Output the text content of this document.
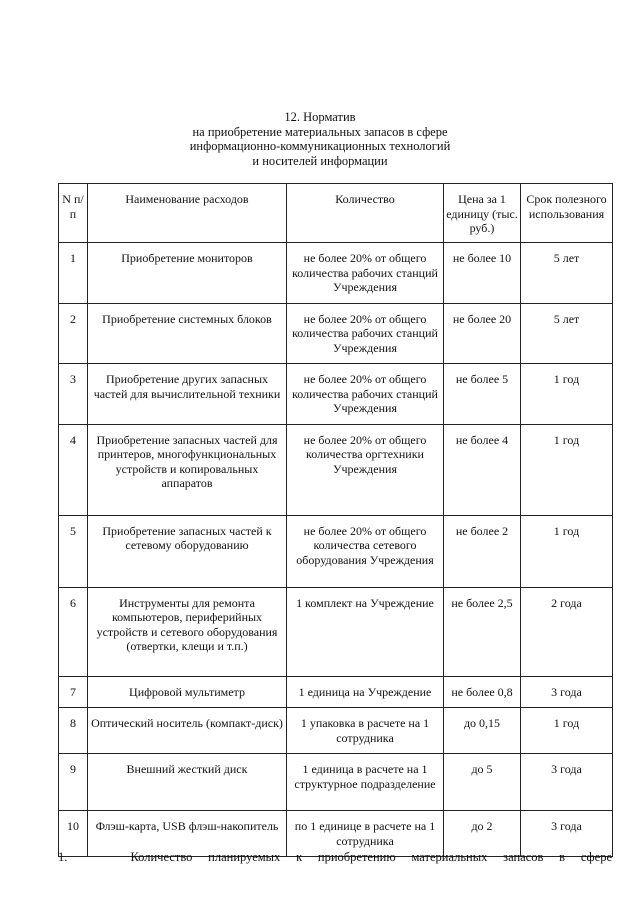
12. Норматив
на приобретение материальных запасов в сфере
информационно-коммуникационных технологий
и носителей информации
N п/п	Наименование расходов	Количество	Цена за 1 единицу (тыс. руб.)	Срок полезного использования
1	Приобретение мониторов	не более 20% от общего количества рабочих станций Учреждения	не более 10	5 лет
2	Приобретение системных блоков	не более 20% от общего количества рабочих станций Учреждения	не более 20	5 лет
3	Приобретение других запасных частей для вычислительной техники	не более 20% от общего количества рабочих станций Учреждения	не более 5	1 год
4	Приобретение запасных частей для принтеров, многофункциональных устройств и копировальных аппаратов	не более 20% от общего количества оргтехники Учреждения	не более 4	1 год
5	Приобретение запасных частей к сетевому оборудованию	не более 20% от общего количества сетевого оборудования Учреждения	не более 2	1 год
6	Инструменты для ремонта компьютеров, периферийных устройств и сетевого оборудования (отвертки, клещи и т.п.)	1 комплект на Учреждение	не более 2,5	2 года
7	Цифровой мультиметр	1 единица на Учреждение	не более 0,8	3 года
8	Оптический носитель (компакт-диск)	1 упаковка в расчете на 1 сотрудника	до 0,15	1 год
9	Внешний жесткий диск	1 единица в расчете на 1 структурное подразделение	до 5	3 года
10	Флэш-карта, USB флэш-накопитель	по 1 единице в расчете на 1 сотрудника	до 2	3 года
1.	Количество планируемых к приобретению материальных запасов в сфере
